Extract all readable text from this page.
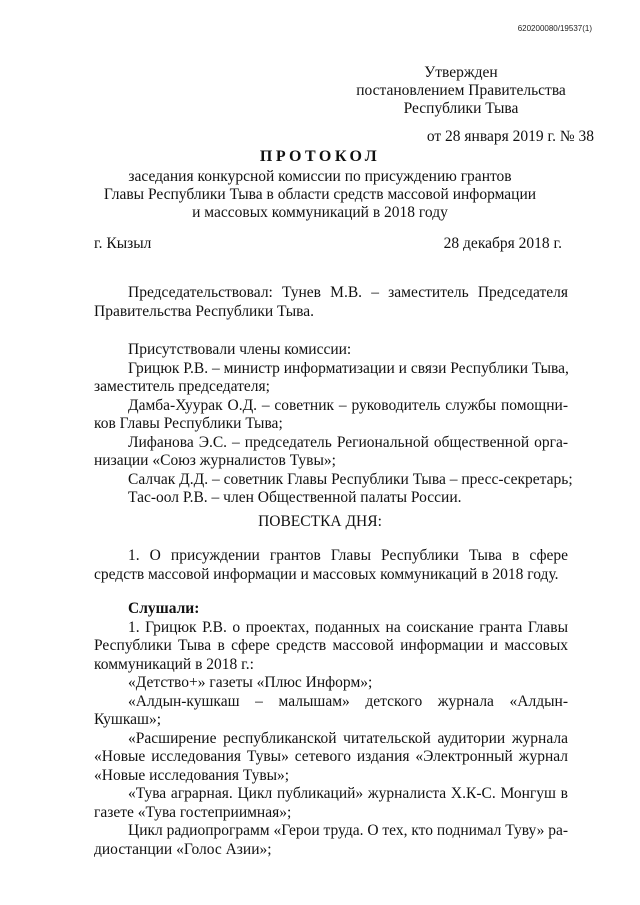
620200080/19537(1)
Утвержден
постановлением Правительства
Республики Тыва
от 28 января 2019 г. № 38
ПРОТОКОЛ
заседания конкурсной комиссии по присуждению грантов
Главы Республики Тыва в области средств массовой информации
и массовых коммуникаций в 2018 году
г. Кызыл	28 декабря 2018 г.
Председательствовал: Тунев М.В. – заместитель Председателя
Правительства Республики Тыва.
Присутствовали члены комиссии:
Грицюк Р.В. – министр информатизации и связи Республики Тыва,
заместитель председателя;
Дамба-Хуурак О.Д. – советник – руководитель службы помощни-
ков Главы Республики Тыва;
Лифанова Э.С. – председатель Региональной общественной орга-
низации «Союз журналистов Тувы»;
Салчак Д.Д. – советник Главы Республики Тыва – пресс-секретарь;
Тас-оол Р.В. – член Общественной палаты России.
ПОВЕСТКА ДНЯ:
1. О присуждении грантов Главы Республики Тыва в сфере
средств массовой информации и массовых коммуникаций в 2018 году.
Слушали:
1. Грицюк Р.В. о проектах, поданных на соискание гранта Главы
Республики Тыва в сфере средств массовой информации и массовых
коммуникаций в 2018 г.:
«Детство+» газеты «Плюс Информ»;
«Алдын-кушкаш – малышам» детского журнала «Алдын-
Кушкаш»;
«Расширение республиканской читательской аудитории журнала
«Новые исследования Тувы» сетевого издания «Электронный журнал
«Новые исследования Тувы»;
«Тува аграрная. Цикл публикаций» журналиста Х.К-С. Монгуш в
газете «Тува гостеприимная»;
Цикл радиопрограмм «Герои труда. О тех, кто поднимал Туву» ра-
диостанции «Голос Азии»;
